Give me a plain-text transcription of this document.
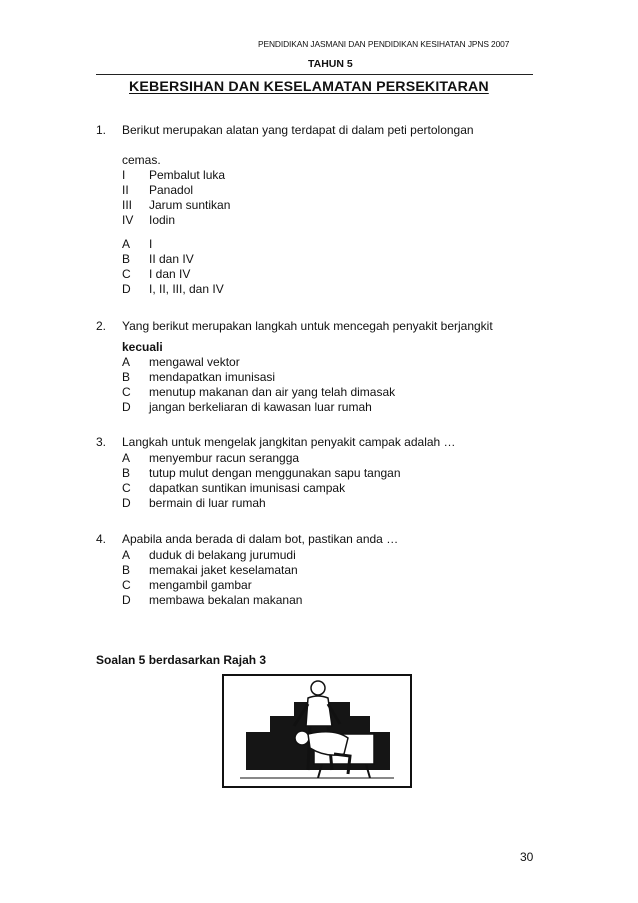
PENDIDIKAN JASMANI DAN PENDIDIKAN KESIHATAN JPNS 2007
TAHUN 5
KEBERSIHAN DAN KESELAMATAN PERSEKITARAN
1. Berikut merupakan alatan yang terdapat di dalam peti pertolongan
cemas.
I Pembalut luka
II Panadol
III Jarum suntikan
IV Iodin
A I
B II dan IV
C I dan IV
D I, II, III, dan IV
2. Yang berikut merupakan langkah untuk mencegah penyakit berjangkit
kecuali
A mengawal vektor
B mendapatkan imunisasi
C menutup makanan dan air yang telah dimasak
D jangan berkeliaran di kawasan luar rumah
3. Langkah untuk mengelak jangkitan penyakit campak adalah …
A menyembur racun serangga
B tutup mulut dengan menggunakan sapu tangan
C dapatkan suntikan imunisasi campak
D bermain di luar rumah
4. Apabila anda berada di dalam bot, pastikan anda …
A duduk di belakang jurumudi
B memakai jaket keselamatan
C mengambil gambar
D membawa bekalan makanan
Soalan 5 berdasarkan Rajah 3
30
